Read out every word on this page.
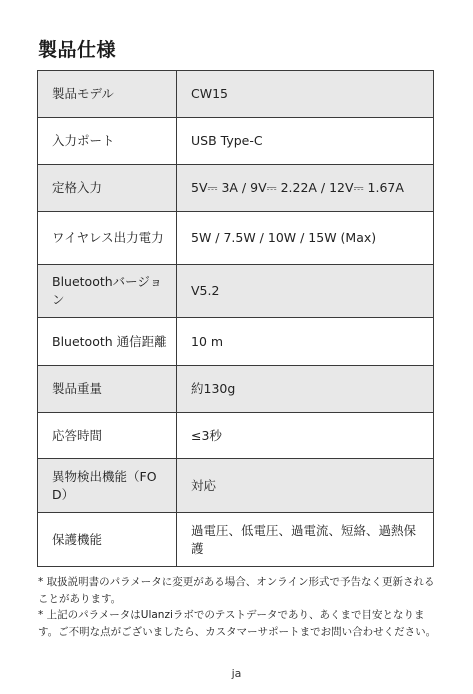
製品仕様
製品モデル	CW15
入力ポート	USB Type-C
定格入力	5V⎓ 3A / 9V⎓ 2.22A / 12V⎓ 1.67A
ワイヤレス出力電力	5W / 7.5W / 10W / 15W (Max)
Bluetoothバージョン	V5.2
Bluetooth 通信距離	10 m
製品重量	約130g
応答時間	≤3秒
異物検出機能（FOD）	対応
保護機能	過電圧、低電圧、過電流、短絡、過熱保護

* 取扱説明書のパラメータに変更がある場合、オンライン形式で予告なく更新されることがあります。

* 上記のパラメータはUlanziラボでのテストデータであり、あくまで目安となります。ご不明な点がございましたら、カスタマーサポートまでお問い合わせください。

ja
